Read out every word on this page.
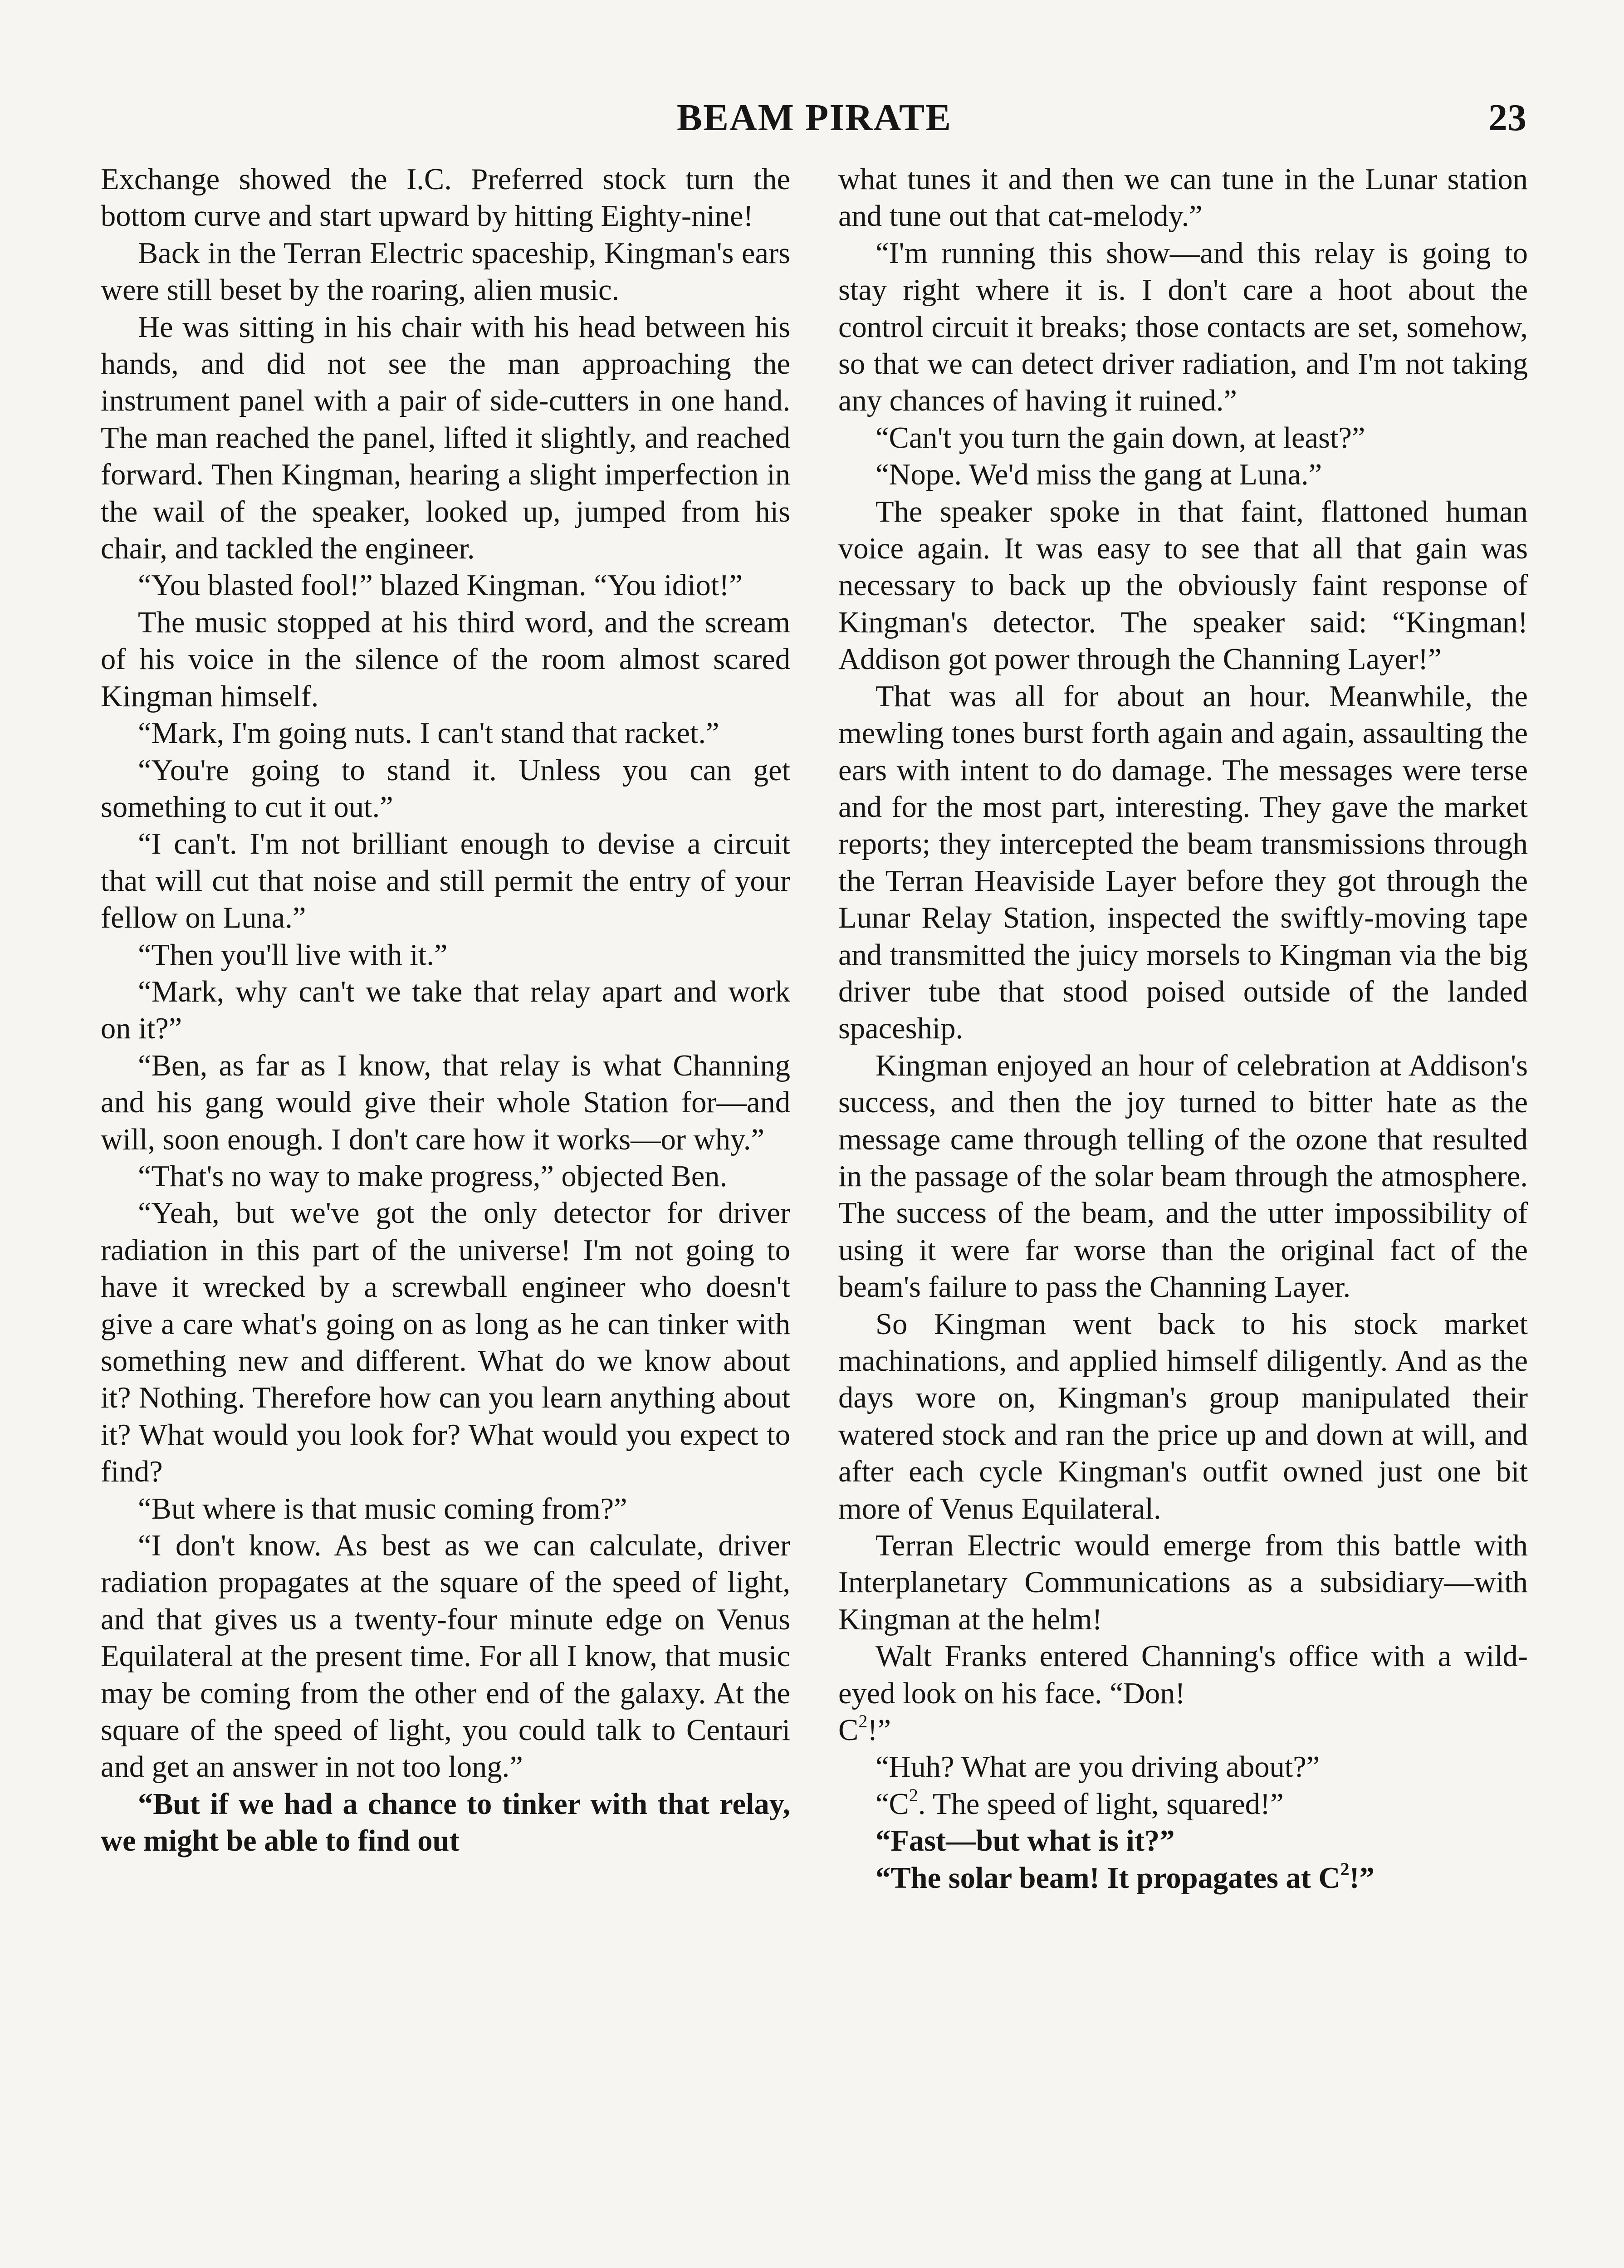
BEAM PIRATE	23

Exchange showed the I.C. Preferred stock turn the bottom curve and start upward by hitting Eighty-nine!

Back in the Terran Electric spaceship, Kingman's ears were still beset by the roaring, alien music.

He was sitting in his chair with his head between his hands, and did not see the man approaching the instrument panel with a pair of side-cutters in one hand. The man reached the panel, lifted it slightly, and reached forward. Then Kingman, hearing a slight imperfection in the wail of the speaker, looked up, jumped from his chair, and tackled the engineer.

“You blasted fool!” blazed Kingman. “You idiot!”

The music stopped at his third word, and the scream of his voice in the silence of the room almost scared Kingman himself.

“Mark, I'm going nuts. I can't stand that racket.”

“You're going to stand it. Unless you can get something to cut it out.”

“I can't. I'm not brilliant enough to devise a circuit that will cut that noise and still permit the entry of your fellow on Luna.”

“Then you'll live with it.”

“Mark, why can't we take that relay apart and work on it?”

“Ben, as far as I know, that relay is what Channing and his gang would give their whole Station for—and will, soon enough. I don't care how it works—or why.”

“That's no way to make progress,” objected Ben.

“Yeah, but we've got the only detector for driver radiation in this part of the universe! I'm not going to have it wrecked by a screwball engineer who doesn't give a care what's going on as long as he can tinker with something new and different. What do we know about it? Nothing. Therefore how can you learn anything about it? What would you look for? What would you expect to find?

“But where is that music coming from?”

“I don't know. As best as we can calculate, driver radiation propagates at the square of the speed of light, and that gives us a twenty-four minute edge on Venus Equilateral at the present time. For all I know, that music may be coming from the other end of the galaxy. At the square of the speed of light, you could talk to Centauri and get an answer in not too long.”

“But if we had a chance to tinker with that relay, we might be able to find out

what tunes it and then we can tune in the Lunar station and tune out that cat-melody.”

“I'm running this show—and this relay is going to stay right where it is. I don't care a hoot about the control circuit it breaks; those contacts are set, somehow, so that we can detect driver radiation, and I'm not taking any chances of having it ruined.”

“Can't you turn the gain down, at least?”

“Nope. We'd miss the gang at Luna.”

The speaker spoke in that faint, flattoned human voice again. It was easy to see that all that gain was necessary to back up the obviously faint response of Kingman's detector. The speaker said: “Kingman! Addison got power through the Channing Layer!”

That was all for about an hour. Meanwhile, the mewling tones burst forth again and again, assaulting the ears with intent to do damage. The messages were terse and for the most part, interesting. They gave the market reports; they intercepted the beam transmissions through the Terran Heaviside Layer before they got through the Lunar Relay Station, inspected the swiftly-moving tape and transmitted the juicy morsels to Kingman via the big driver tube that stood poised outside of the landed spaceship.

Kingman enjoyed an hour of celebration at Addison's success, and then the joy turned to bitter hate as the message came through telling of the ozone that resulted in the passage of the solar beam through the atmosphere. The success of the beam, and the utter impossibility of using it were far worse than the original fact of the beam's failure to pass the Channing Layer.

So Kingman went back to his stock market machinations, and applied himself diligently. And as the days wore on, Kingman's group manipulated their watered stock and ran the price up and down at will, and after each cycle Kingman's outfit owned just one bit more of Venus Equilateral.

Terran Electric would emerge from this battle with Interplanetary Communications as a subsidiary—with Kingman at the helm!

Walt Franks entered Channing's office with a wild-eyed look on his face. “Don!

$C^2$!”

“Huh? What are you driving about?”

“$C^2$. The speed of light, squared!”

“Fast—but what is it?”

“The solar beam! It propagates at $C^2$!”
